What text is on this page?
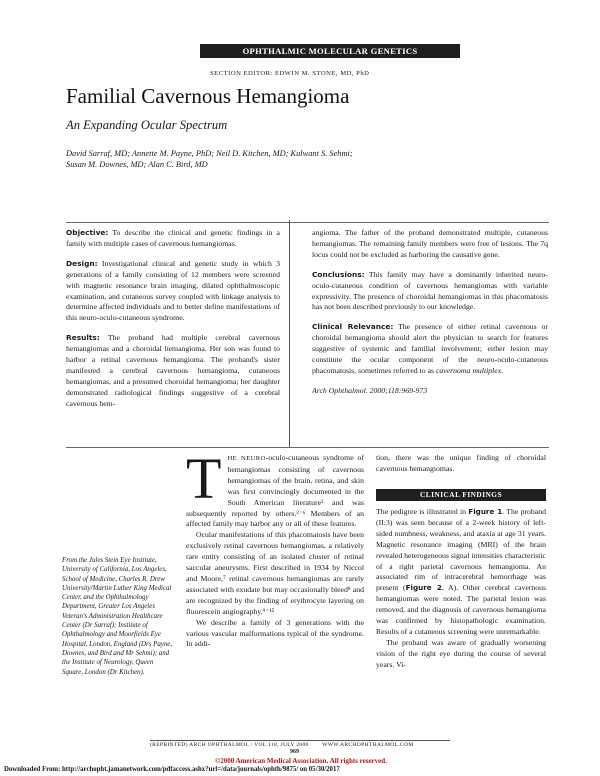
OPHTHALMIC MOLECULAR GENETICS
SECTION EDITOR: EDWIN M. STONE, MD, PhD
Familial Cavernous Hemangioma
An Expanding Ocular Spectrum
David Sarraf, MD; Annette M. Payne, PhD; Neil D. Kitchen, MD; Kulwant S. Sehmi;
Susan M. Downes, MD; Alan C. Bird, MD

Objective: To describe the clinical and genetic findings in a family with multiple cases of cavernous hemangiomas.

Design: Investigational clinical and genetic study in which 3 generations of a family consisting of 12 members were screened with magnetic resonance brain imaging, dilated ophthalmoscopic examination, and cutaneous survey coupled with linkage analysis to determine affected individuals and to better define manifestations of this neuro-oculo-cutaneous syndrome.

Results: The proband had multiple cerebral cavernous hemangiomas and a choroidal hemangioma. Her son was found to harbor a retinal cavernous hemangioma. The proband's sister manifested a cerebral cavernous hemangioma, cutaneous hemangiomas, and a presumed choroidal hemangioma; her daughter demonstrated radiological findings suggestive of a cerebral cavernous hem-

angioma. The father of the proband demonstrated multiple, cutaneous hemangiomas. The remaining family members were free of lesions. The 7q locus could not be excluded as harboring the causative gene.

Conclusions: This family may have a dominantly inherited neuro-oculo-cutaneous condition of cavernous hemangiomas with variable expressivity. The presence of choroidal hemangiomas in this phacomatosis has not been described previously to our knowledge.

Clinical Relevance: The presence of either retinal cavernous or choroidal hemangioma should alert the physician to search for features suggestive of systemic and familial involvement; either lesion may constitute the ocular component of the neuro-oculo-cutaneous phacomatosis, sometimes referred to as cavernoma multiplex.

Arch Ophthalmol. 2000;118:969-973

From the Jules Stein Eye Institute, University of California, Los Angeles, School of Medicine, Charles R. Drew University/Martin Luther King Medical Center, and the Ophthalmology Department, Greater Los Angeles Veteran's Administration Healthcare Center (Dr Sarraf); Institute of Ophthalmology and Moorfields Eye Hospital, London, England (Drs Payne, Downes, and Bird and Mr Sehmi); and the Institute of Neurology, Queen Square, London (Dr Kitchen).
T HE NEURO-oculo-cutaneous syndrome of hemangiomas consisting of cavernous hemangiomas of the brain, retina, and skin was first convincingly documented in the South American literature¹ and was subsequently reported by others.²⁻⁶ Members of an affected family may harbor any or all of these features.

Ocular manifestations of this phacomatosis have been exclusively retinal cavernous hemangiomas, a relatively rare entity consisting of an isolated cluster of retinal saccular aneurysms. First described in 1934 by Niccol and Moore,⁷ retinal cavernous hemangiomas are rarely associated with exudate but may occasionally bleed⁸ and are recognized by the finding of erythrocyte layering on fluorescein angiography.⁹⁻¹⁵

We describe a family of 3 generations with the various vascular malformations typical of the syndrome. In addi-

tion, there was the unique finding of choroidal cavernous hemangiomas.

CLINICAL FINDINGS

The pedigree is illustrated in Figure 1. The proband (II:3) was seen because of a 2-week history of left-sided numbness, weakness, and ataxia at age 31 years. Magnetic resonance imaging (MRI) of the brain revealed heterogeneous signal intensities characteristic of a right parietal cavernous hemangioma. An associated rim of intracerebral hemorrhage was present (Figure 2, A). Other cerebral cavernous hemangiomas were noted. The parietal lesion was removed, and the diagnosis of cavernous hemangioma was confirmed by histopathologic examination. Results of a cutaneous screening were unremarkable.

The proband was aware of gradually worsening vision of the right eye during the course of several years. Vi-

(REPRINTED) ARCH OPHTHALMOL / VOL 118, JULY 2000        WWW.ARCHOPHTHALMOL.COM
969
©2000 American Medical Association. All rights reserved.
Downloaded From: http://archopht.jamanetwork.com/pdfaccess.ashx?url=/data/journals/ophth/9875/ on 05/30/2017
